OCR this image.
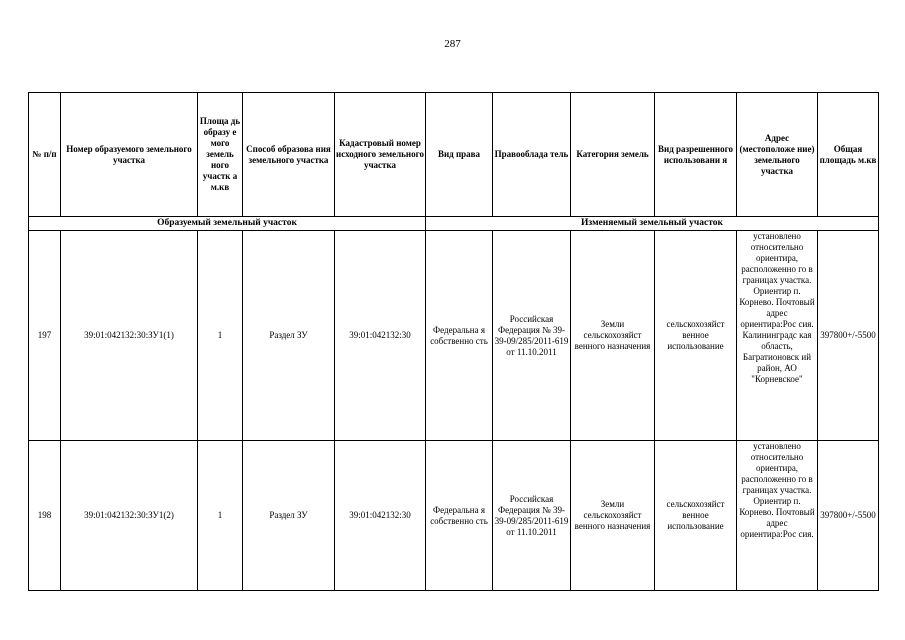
287
№ п/п	Номер образуемого земельного участка	Площа дь образу е мого земель ного участк а м.кв	Способ образова ния земельного участка	Кадастровый номер исходного земельного участка	Вид права	Правооблада тель	Категория земель	Вид разрешенного использовани я	Адрес (местоположе ние) земельного участка	Общая площадь м.кв
Образуемый земельный участок					Изменяемый земельный участок					
197	39:01:042132:30:ЗУ1(1)	1	Раздел ЗУ	39:01:042132:30	Федеральна я собственно сть	Российская Федерация № 39-39-09/285/2011-619 от 11.10.2011	Земли сельскохозяйст венного назначения	сельскохозяйст венное использование	установлено относительно ориентира, расположенно го в границах участка. Ориентир п. Корнево. Почтовый адрес ориентира:Рос сия. Калининградс кая область, Багратионовск ий район, АО "Корневское"	397800+/-5500
198	39:01:042132:30:ЗУ1(2)	1	Раздел ЗУ	39:01:042132:30	Федеральна я собственно сть	Российская Федерация № 39-39-09/285/2011-619 от 11.10.2011	Земли сельскохозяйст венного назначения	сельскохозяйст венное использование	установлено относительно ориентира, расположенно го в границах участка. Ориентир п. Корнево. Почтовый адрес ориентира:Рос сия.	397800+/-5500
